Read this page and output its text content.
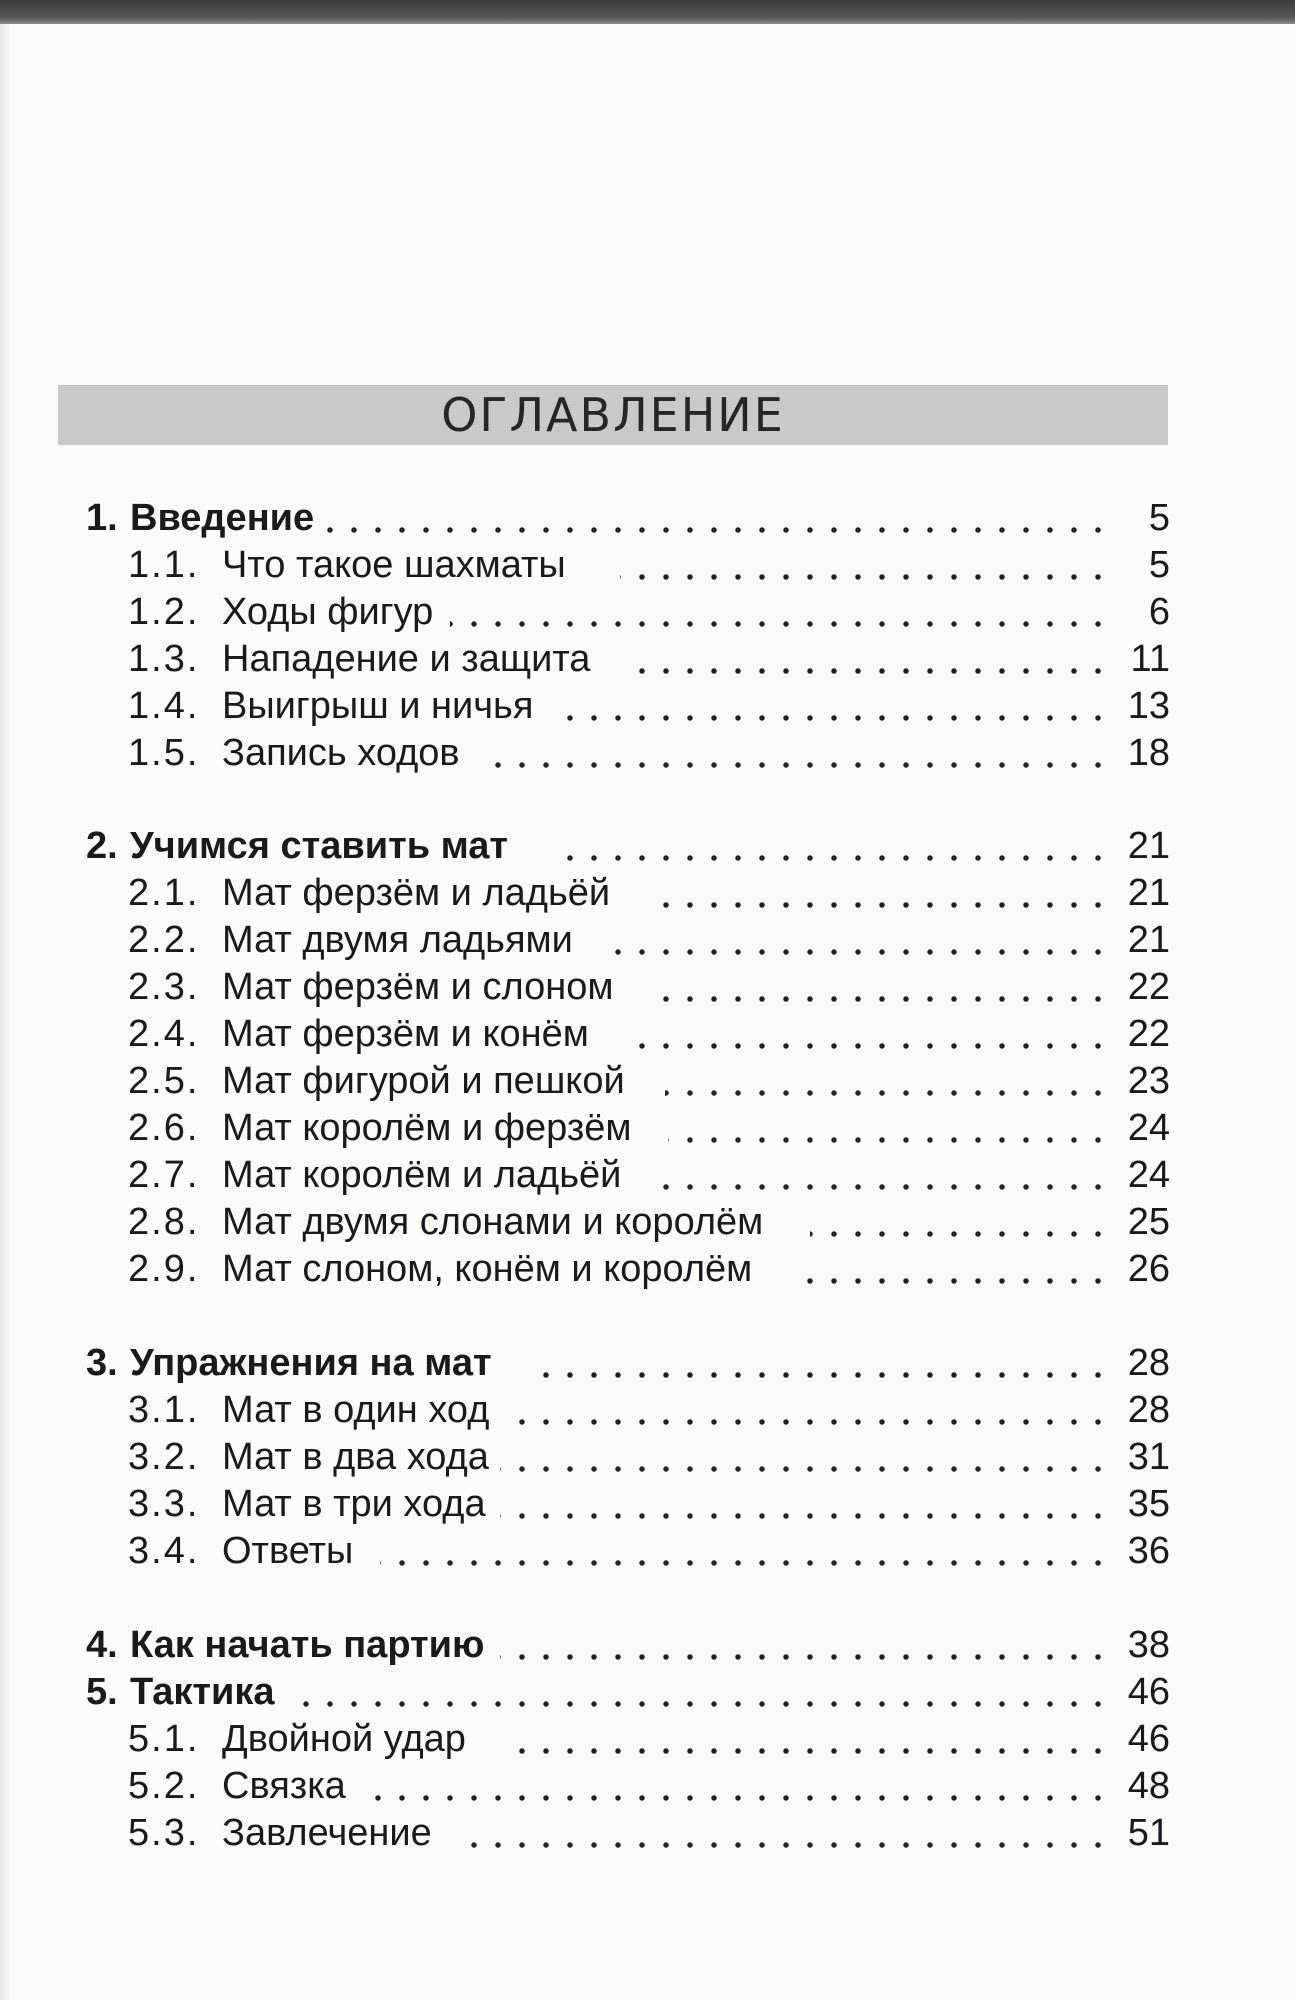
ОГЛАВЛЕНИЕ
1. Введение	5
1.1. Что такое шахматы	5
1.2. Ходы фигур	6
1.3. Нападение и защита	11
1.4. Выигрыш и ничья	13
1.5. Запись ходов	18
2. Учимся ставить мат	21
2.1. Мат ферзём и ладьёй	21
2.2. Мат двумя ладьями	21
2.3. Мат ферзём и слоном	22
2.4. Мат ферзём и конём	22
2.5. Мат фигурой и пешкой	23
2.6. Мат королём и ферзём	24
2.7. Мат королём и ладьёй	24
2.8. Мат двумя слонами и королём	25
2.9. Мат слоном, конём и королём	26
3. Упражнения на мат	28
3.1. Мат в один ход	28
3.2. Мат в два хода	31
3.3. Мат в три хода	35
3.4. Ответы	36
4. Как начать партию	38
5. Тактика	46
5.1. Двойной удар	46
5.2. Связка	48
5.3. Завлечение	51
